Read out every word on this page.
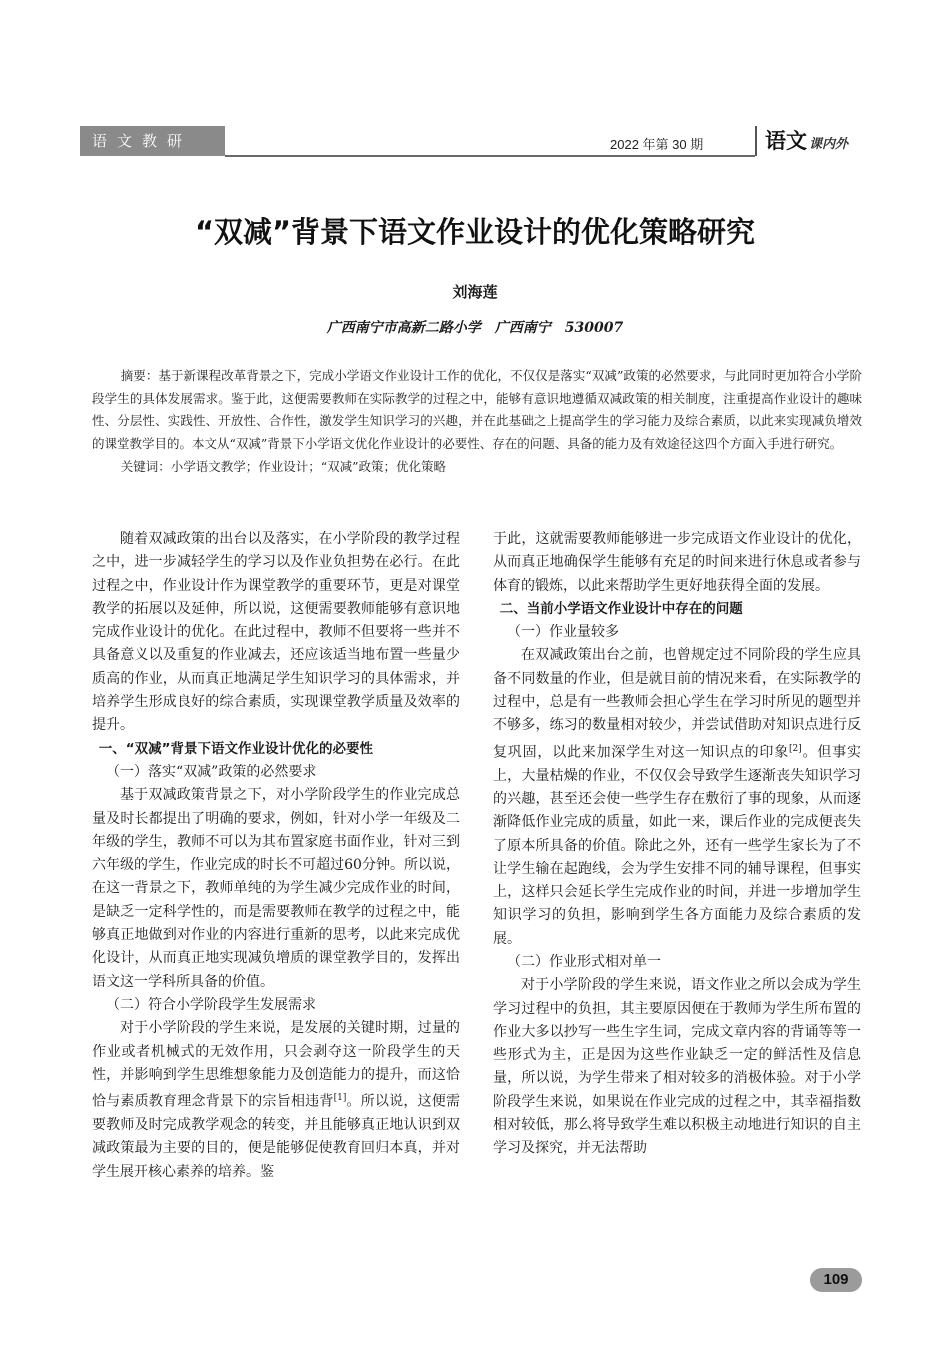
语文教研	2022 年第 30 期	语文 课内外
“双减”背景下语文作业设计的优化策略研究
刘海莲
广西南宁市高新二路小学　广西南宁　530007

摘要：基于新课程改革背景之下，完成小学语文作业设计工作的优化，不仅仅是落实“双减”政策的必然要求，与此同时更加符合小学阶段学生的具体发展需求。鉴于此，这便需要教师在实际教学的过程之中，能够有意识地遵循双减政策的相关制度，注重提高作业设计的趣味性、分层性、实践性、开放性、合作性，激发学生知识学习的兴趣，并在此基础之上提高学生的学习能力及综合素质，以此来实现减负增效的课堂教学目的。本文从“双减”背景下小学语文优化作业设计的必要性、存在的问题、具备的能力及有效途径这四个方面入手进行研究。

关键词：小学语文教学；作业设计；“双减”政策；优化策略

随着双减政策的出台以及落实，在小学阶段的教学过程之中，进一步减轻学生的学习以及作业负担势在必行。在此过程之中，作业设计作为课堂教学的重要环节，更是对课堂教学的拓展以及延伸，所以说，这便需要教师能够有意识地完成作业设计的优化。在此过程中，教师不但要将一些并不具备意义以及重复的作业减去，还应该适当地布置一些量少质高的作业，从而真正地满足学生知识学习的具体需求，并培养学生形成良好的综合素质，实现课堂教学质量及效率的提升。

一、“双减”背景下语文作业设计优化的必要性
（一）落实“双减”政策的必然要求

基于双减政策背景之下，对小学阶段学生的作业完成总量及时长都提出了明确的要求，例如，针对小学一年级及二年级的学生，教师不可以为其布置家庭书面作业，针对三到六年级的学生，作业完成的时长不可超过60分钟。所以说，在这一背景之下，教师单纯的为学生减少完成作业的时间，是缺乏一定科学性的，而是需要教师在教学的过程之中，能够真正地做到对作业的内容进行重新的思考，以此来完成优化设计，从而真正地实现减负增质的课堂教学目的，发挥出语文这一学科所具备的价值。

（二）符合小学阶段学生发展需求

对于小学阶段的学生来说，是发展的关键时期，过量的作业或者机械式的无效作用，只会剥夺这一阶段学生的天性，并影响到学生思维想象能力及创造能力的提升，而这恰恰与素质教育理念背景下的宗旨相违背[1]。所以说，这便需要教师及时完成教学观念的转变，并且能够真正地认识到双减政策最为主要的目的，便是能够促使教育回归本真，并对学生展开核心素养的培养。鉴

于此，这就需要教师能够进一步完成语文作业设计的优化，从而真正地确保学生能够有充足的时间来进行休息或者参与体育的锻炼，以此来帮助学生更好地获得全面的发展。

二、当前小学语文作业设计中存在的问题
（一）作业量较多

在双减政策出台之前，也曾规定过不同阶段的学生应具备不同数量的作业，但是就目前的情况来看，在实际教学的过程中，总是有一些教师会担心学生在学习时所见的题型并不够多，练习的数量相对较少，并尝试借助对知识点进行反复巩固，以此来加深学生对这一知识点的印象[2]。但事实上，大量枯燥的作业，不仅仅会导致学生逐渐丧失知识学习的兴趣，甚至还会使一些学生存在敷衍了事的现象，从而逐渐降低作业完成的质量，如此一来，课后作业的完成便丧失了原本所具备的价值。除此之外，还有一些学生家长为了不让学生输在起跑线，会为学生安排不同的辅导课程，但事实上，这样只会延长学生完成作业的时间，并进一步增加学生知识学习的负担，影响到学生各方面能力及综合素质的发展。

（二）作业形式相对单一

对于小学阶段的学生来说，语文作业之所以会成为学生学习过程中的负担，其主要原因便在于教师为学生所布置的作业大多以抄写一些生字生词，完成文章内容的背诵等等一些形式为主，正是因为这些作业缺乏一定的鲜活性及信息量，所以说，为学生带来了相对较多的消极体验。对于小学阶段学生来说，如果说在作业完成的过程之中，其幸福指数相对较低，那么将导致学生难以积极主动地进行知识的自主学习及探究，并无法帮助

109
